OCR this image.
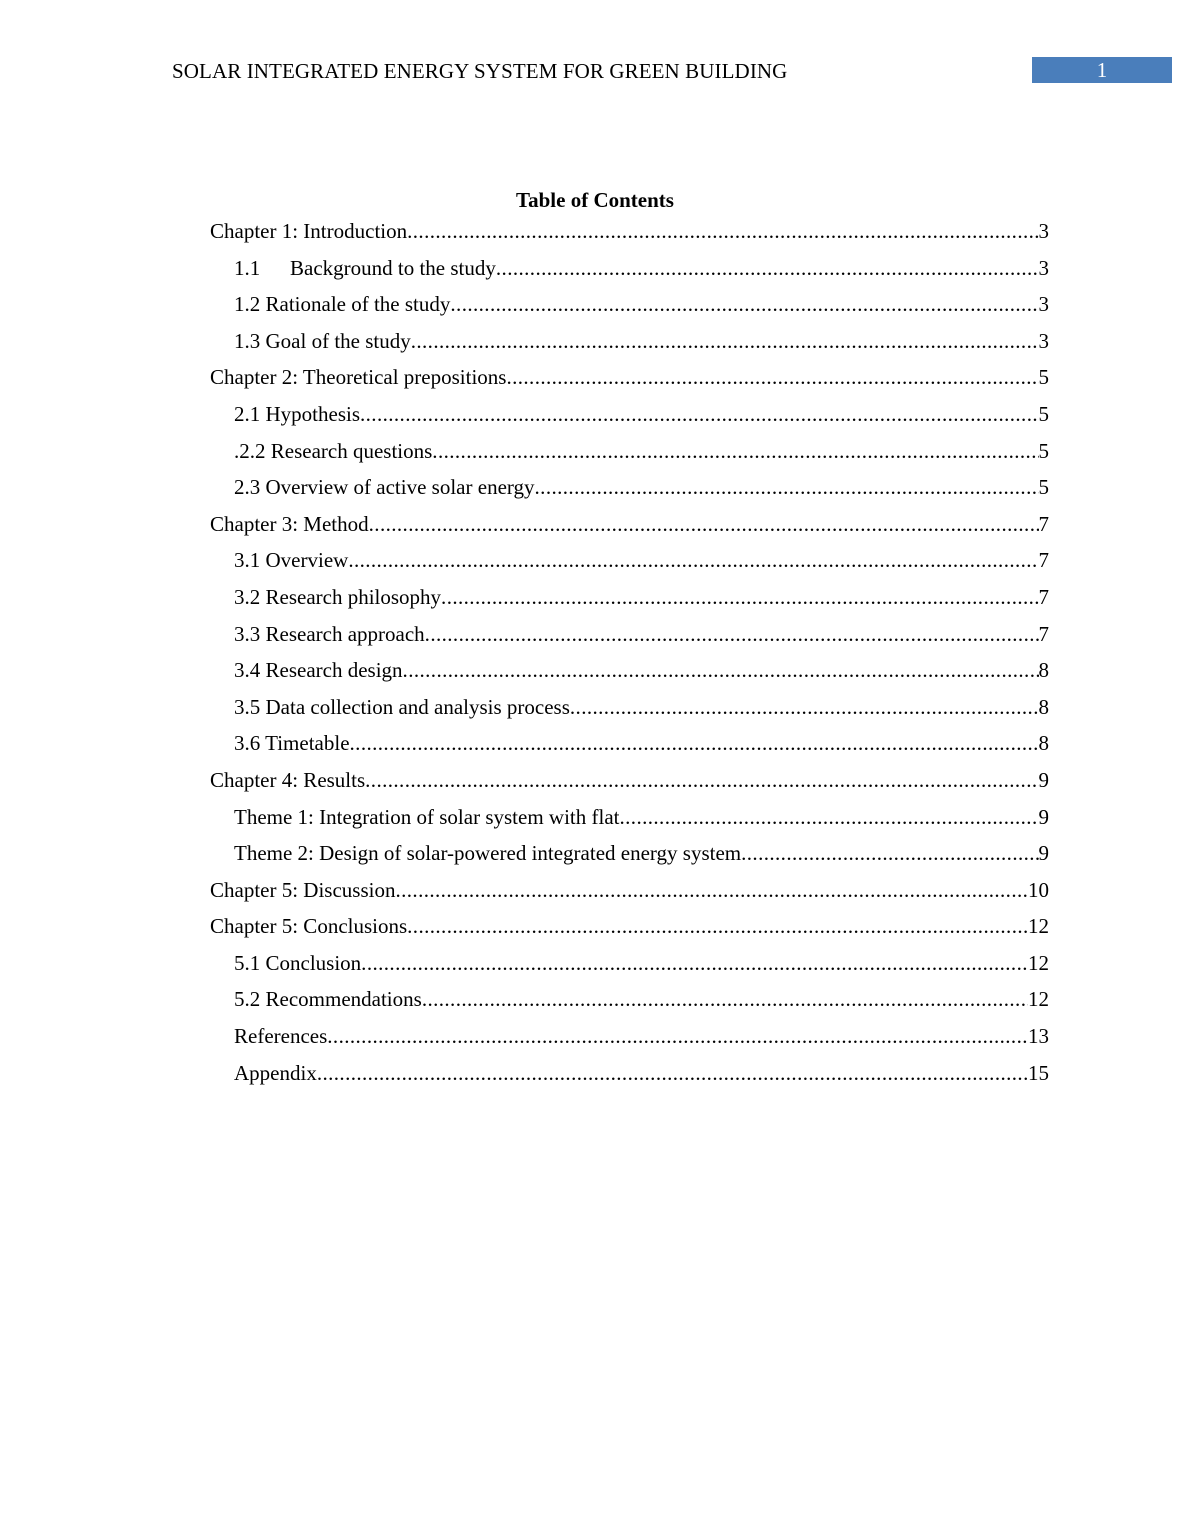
SOLAR INTEGRATED ENERGY SYSTEM FOR GREEN BUILDING	1
Table of Contents
Chapter 1: Introduction .....	3
1.1 Background to the study .....	3
1.2 Rationale of the study .....	3
1.3 Goal of the study .....	3
Chapter 2: Theoretical prepositions .....	5
2.1 Hypothesis .....	5
.2.2 Research questions .....	5
2.3 Overview of active solar energy .....	5
Chapter 3: Method .....	7
3.1 Overview .....	7
3.2 Research philosophy .....	7
3.3 Research approach .....	7
3.4 Research design .....	8
3.5 Data collection and analysis process .....	8
3.6 Timetable .....	8
Chapter 4: Results .....	9
Theme 1: Integration of solar system with flat .....	9
Theme 2: Design of solar-powered integrated energy system .....	9
Chapter 5: Discussion .....	10
Chapter 5: Conclusions .....	12
5.1 Conclusion .....	12
5.2 Recommendations .....	12
References .....	13
Appendix .....	15
